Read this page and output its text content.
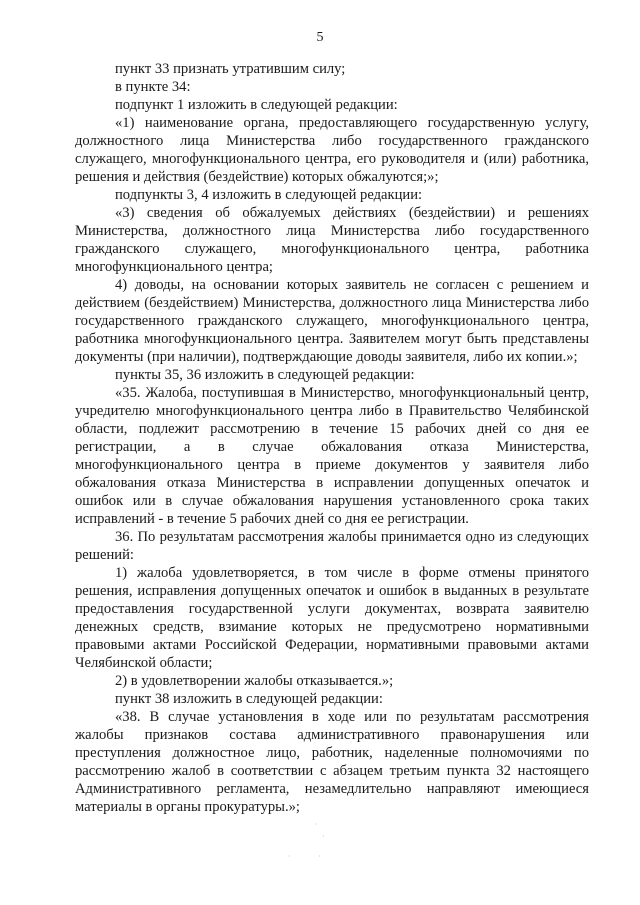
5

пункт 33 признать утратившим силу;

в пункте 34:

подпункт 1 изложить в следующей редакции:

«1) наименование органа, предоставляющего государственную услугу, должностного лица Министерства либо государственного гражданского служащего, многофункционального центра, его руководителя и (или) работника, решения и действия (бездействие) которых обжалуются;»;

подпункты 3, 4 изложить в следующей редакции:

«3) сведения об обжалуемых действиях (бездействии) и решениях Министерства, должностного лица Министерства либо государственного гражданского служащего, многофункционального центра, работника многофункционального центра;

4) доводы, на основании которых заявитель не согласен с решением и действием (бездействием) Министерства, должностного лица Министерства либо государственного гражданского служащего, многофункционального центра, работника многофункционального центра. Заявителем могут быть представлены документы (при наличии), подтверждающие доводы заявителя, либо их копии.»;

пункты 35, 36 изложить в следующей редакции:

«35. Жалоба, поступившая в Министерство, многофункциональный центр, учредителю многофункционального центра либо в Правительство Челябинской области, подлежит рассмотрению в течение 15 рабочих дней со дня ее регистрации, а в случае обжалования отказа Министерства, многофункционального центра в приеме документов у заявителя либо обжалования отказа Министерства в исправлении допущенных опечаток и ошибок или в случае обжалования нарушения установленного срока таких исправлений - в течение 5 рабочих дней со дня ее регистрации.

36. По результатам рассмотрения жалобы принимается одно из следующих решений:

1) жалоба удовлетворяется, в том числе в форме отмены принятого решения, исправления допущенных опечаток и ошибок в выданных в результате предоставления государственной услуги документах, возврата заявителю денежных средств, взимание которых не предусмотрено нормативными правовыми актами Российской Федерации, нормативными правовыми актами Челябинской области;

2) в удовлетворении жалобы отказывается.»;

пункт 38 изложить в следующей редакции:

«38. В случае установления в ходе или по результатам рассмотрения жалобы признаков состава административного правонарушения или преступления должностное лицо, работник, наделенные полномочиями по рассмотрению жалоб в соответствии с абзацем третьим пункта 32 настоящего Административного регламента, незамедлительно направляют имеющиеся материалы в органы прокуратуры.»;

·
·
·	·
